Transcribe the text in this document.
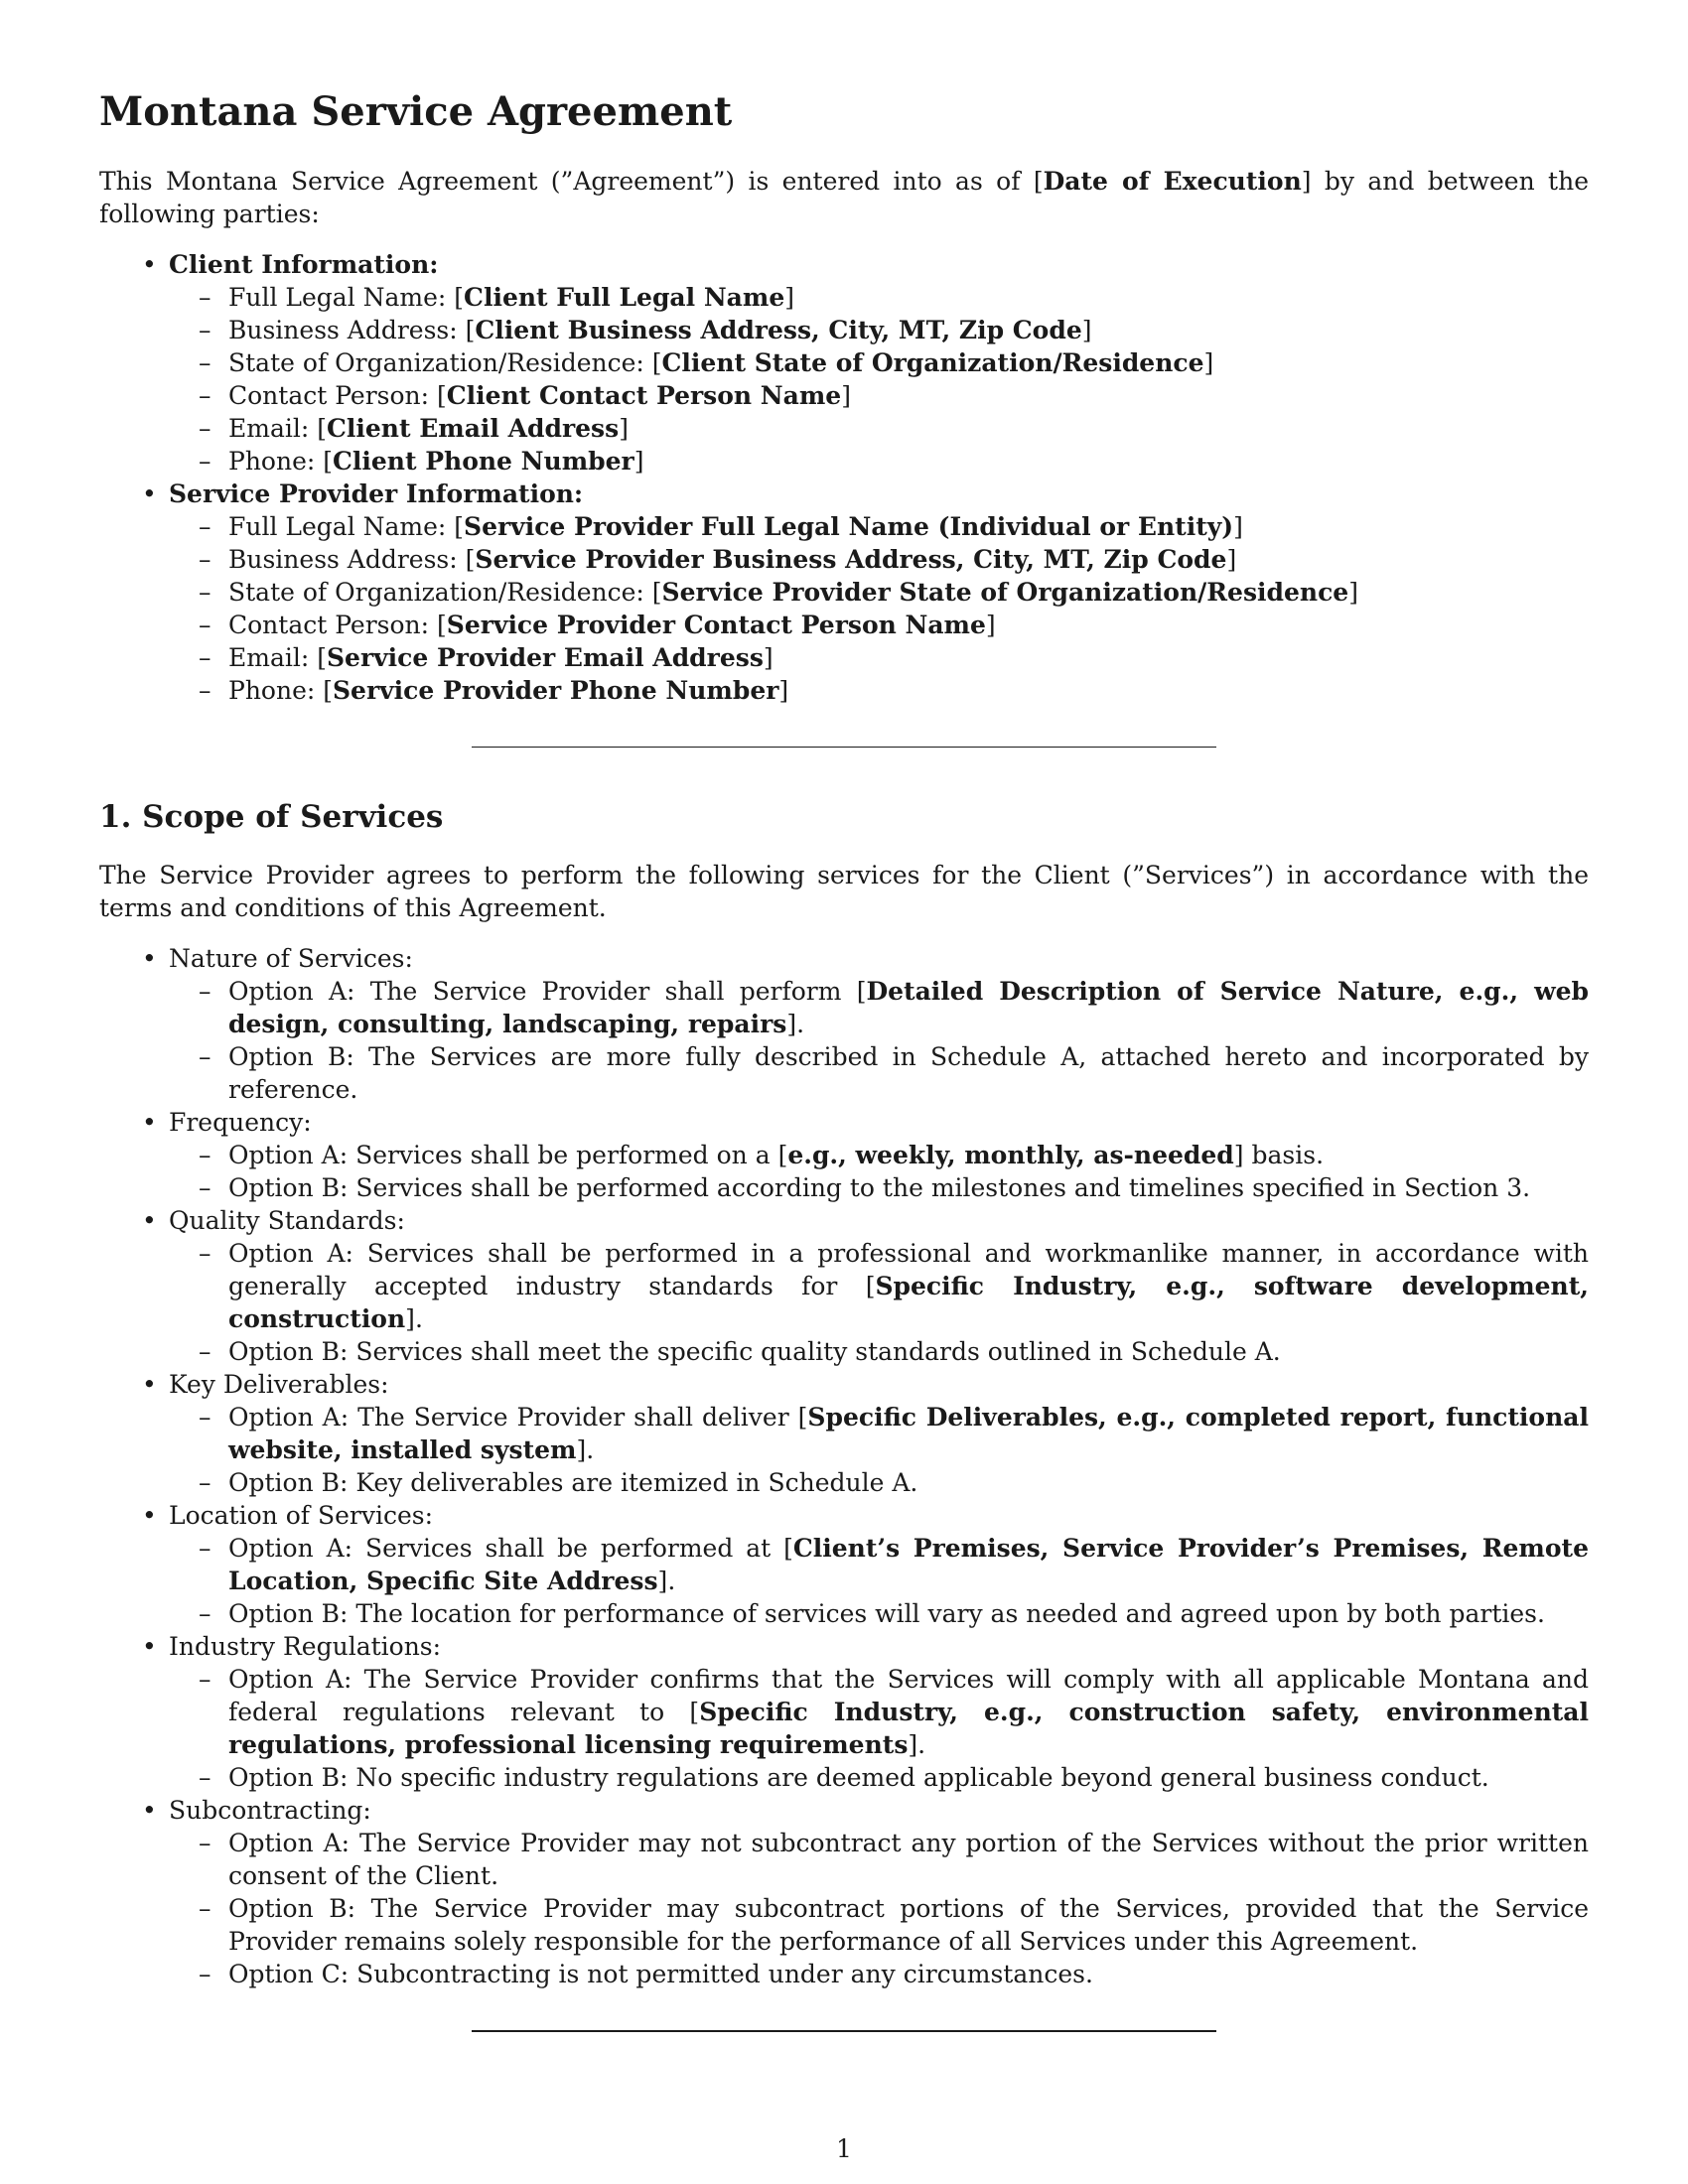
Montana Service Agreement

This Montana Service Agreement (”Agreement”) is entered into as of [Date of Execution] by and between the following parties:

• Client Information:
– Full Legal Name: [Client Full Legal Name]
– Business Address: [Client Business Address, City, MT, Zip Code]
– State of Organization/Residence: [Client State of Organization/Residence]
– Contact Person: [Client Contact Person Name]
– Email: [Client Email Address]
– Phone: [Client Phone Number]
• Service Provider Information:
– Full Legal Name: [Service Provider Full Legal Name (Individual or Entity)]
– Business Address: [Service Provider Business Address, City, MT, Zip Code]
– State of Organization/Residence: [Service Provider State of Organization/Residence]
– Contact Person: [Service Provider Contact Person Name]
– Email: [Service Provider Email Address]
– Phone: [Service Provider Phone Number]
1. Scope of Services

The Service Provider agrees to perform the following services for the Client (”Services”) in accordance with the terms and conditions of this Agreement.

• Nature of Services:
– Option A: The Service Provider shall perform [Detailed Description of Service Nature, e.g., web design, consulting, landscaping, repairs].
– Option B: The Services are more fully described in Schedule A, attached hereto and incorporated by reference.
• Frequency:
– Option A: Services shall be performed on a [e.g., weekly, monthly, as-needed] basis.
– Option B: Services shall be performed according to the milestones and timelines specified in Section 3.
• Quality Standards:
– Option A: Services shall be performed in a professional and workmanlike manner, in accordance with generally accepted industry standards for [Specific Industry, e.g., software development, construction].
– Option B: Services shall meet the specific quality standards outlined in Schedule A.
• Key Deliverables:
– Option A: The Service Provider shall deliver [Specific Deliverables, e.g., completed report, functional website, installed system].
– Option B: Key deliverables are itemized in Schedule A.
• Location of Services:
– Option A: Services shall be performed at [Client’s Premises, Service Provider’s Premises, Remote Location, Specific Site Address].
– Option B: The location for performance of services will vary as needed and agreed upon by both parties.
• Industry Regulations:
– Option A: The Service Provider confirms that the Services will comply with all applicable Montana and federal regulations relevant to [Specific Industry, e.g., construction safety, environmental regulations, professional licensing requirements].
– Option B: No specific industry regulations are deemed applicable beyond general business conduct.
• Subcontracting:
– Option A: The Service Provider may not subcontract any portion of the Services without the prior written consent of the Client.
– Option B: The Service Provider may subcontract portions of the Services, provided that the Service Provider remains solely responsible for the performance of all Services under this Agreement.
– Option C: Subcontracting is not permitted under any circumstances.
1
